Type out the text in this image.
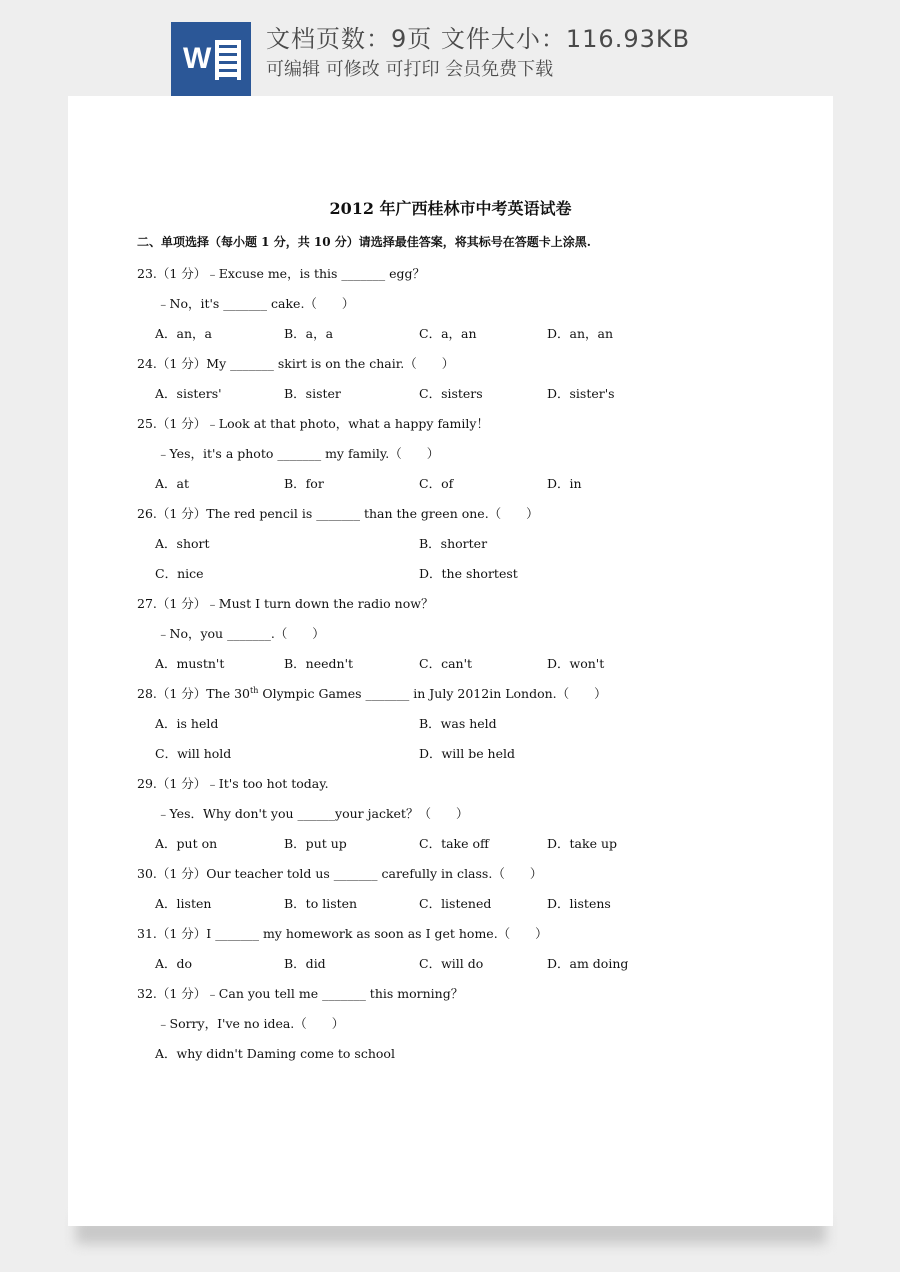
W
文档页数：9页 文件大小：116.93KB
可编辑 可修改 可打印 会员免费下载
2012 年广西桂林市中考英语试卷
二、单项选择（每小题 1 分，共 10 分）请选择最佳答案，将其标号在答题卡上涂黑.
23.（1 分）﹣Excuse me，is this _______ egg？
﹣No，it's _______ cake.（　　）
A．an，a	B．a，a	C．a，an	D．an，an
24.（1 分）My _______ skirt is on the chair.（　　）
A．sisters'	B．sister	C．sisters	D．sister's
25.（1 分）﹣Look at that photo，what a happy family！
﹣Yes，it's a photo _______ my family.（　　）
A．at	B．for	C．of	D．in
26.（1 分）The red pencil is _______ than the green one.（　　）
A．short	B．shorter
C．nice	D．the shortest
27.（1 分）﹣Must I turn down the radio now？
﹣No，you _______.（　　）
A．mustn't	B．needn't	C．can't	D．won't
28.（1 分）The 30th Olympic Games _______ in July 2012in London.（　　）
A．is held	B．was held
C．will hold	D．will be held
29.（1 分）﹣It's too hot today.
﹣Yes．Why don't you ______your jacket？（　　）
A．put on	B．put up	C．take off	D．take up
30.（1 分）Our teacher told us _______ carefully in class.（　　）
A．listen	B．to listen	C．listened	D．listens
31.（1 分）I _______ my homework as soon as I get home.（　　）
A．do	B．did	C．will do	D．am doing
32.（1 分）﹣Can you tell me _______ this morning？
﹣Sorry，I've no idea.（　　）
A．why didn't Daming come to school
